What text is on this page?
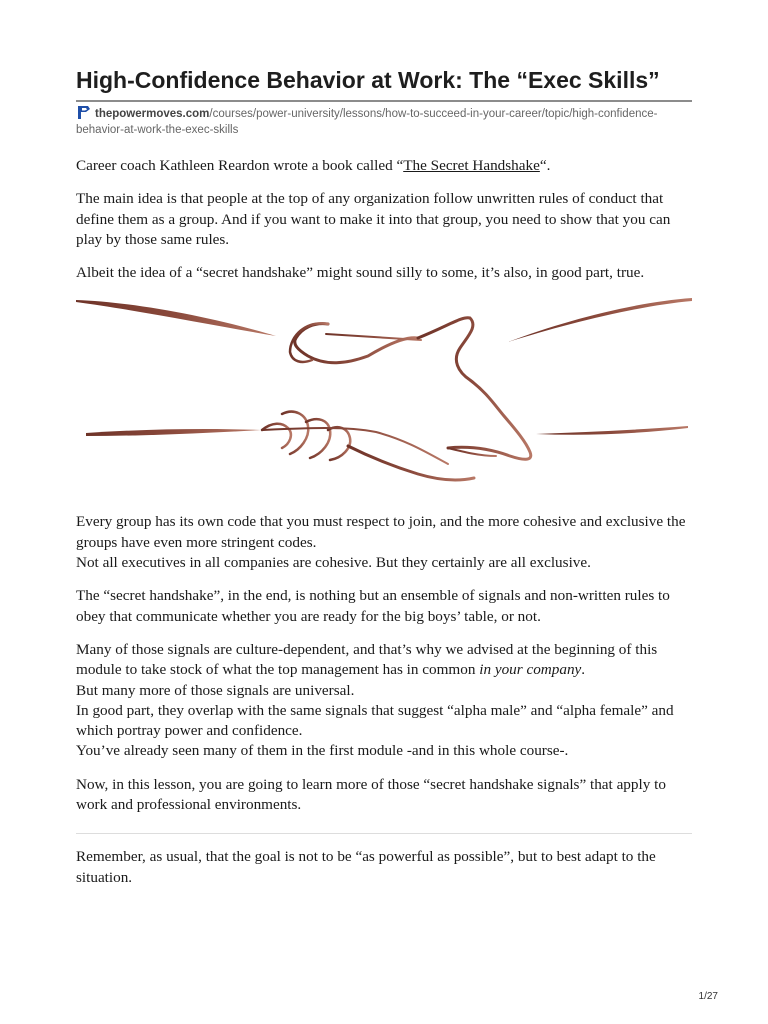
High-Confidence Behavior at Work: The “Exec Skills”
thepowermoves.com/courses/power-university/lessons/how-to-succeed-in-your-career/topic/high-confidence-behavior-at-work-the-exec-skills

Career coach Kathleen Reardon wrote a book called “The Secret Handshake“.

The main idea is that people at the top of any organization follow unwritten rules of conduct that define them as a group. And if you want to make it into that group, you need to show that you can play by those same rules.

Albeit the idea of a “secret handshake” might sound silly to some, it’s also, in good part, true.

Every group has its own code that you must respect to join, and the more cohesive and exclusive the groups have even more stringent codes.
Not all executives in all companies are cohesive. But they certainly are all exclusive.

The “secret handshake”, in the end, is nothing but an ensemble of signals and non-written rules to obey that communicate whether you are ready for the big boys’ table, or not.

Many of those signals are culture-dependent, and that’s why we advised at the beginning of this module to take stock of what the top management has in common in your company.
But many more of those signals are universal.
In good part, they overlap with the same signals that suggest “alpha male” and “alpha female” and which portray power and confidence.
You’ve already seen many of them in the first module -and in this whole course-.

Now, in this lesson, you are going to learn more of those “secret handshake signals” that apply to work and professional environments.

Remember, as usual, that the goal is not to be “as powerful as possible”, but to best adapt to the situation.

1/27
